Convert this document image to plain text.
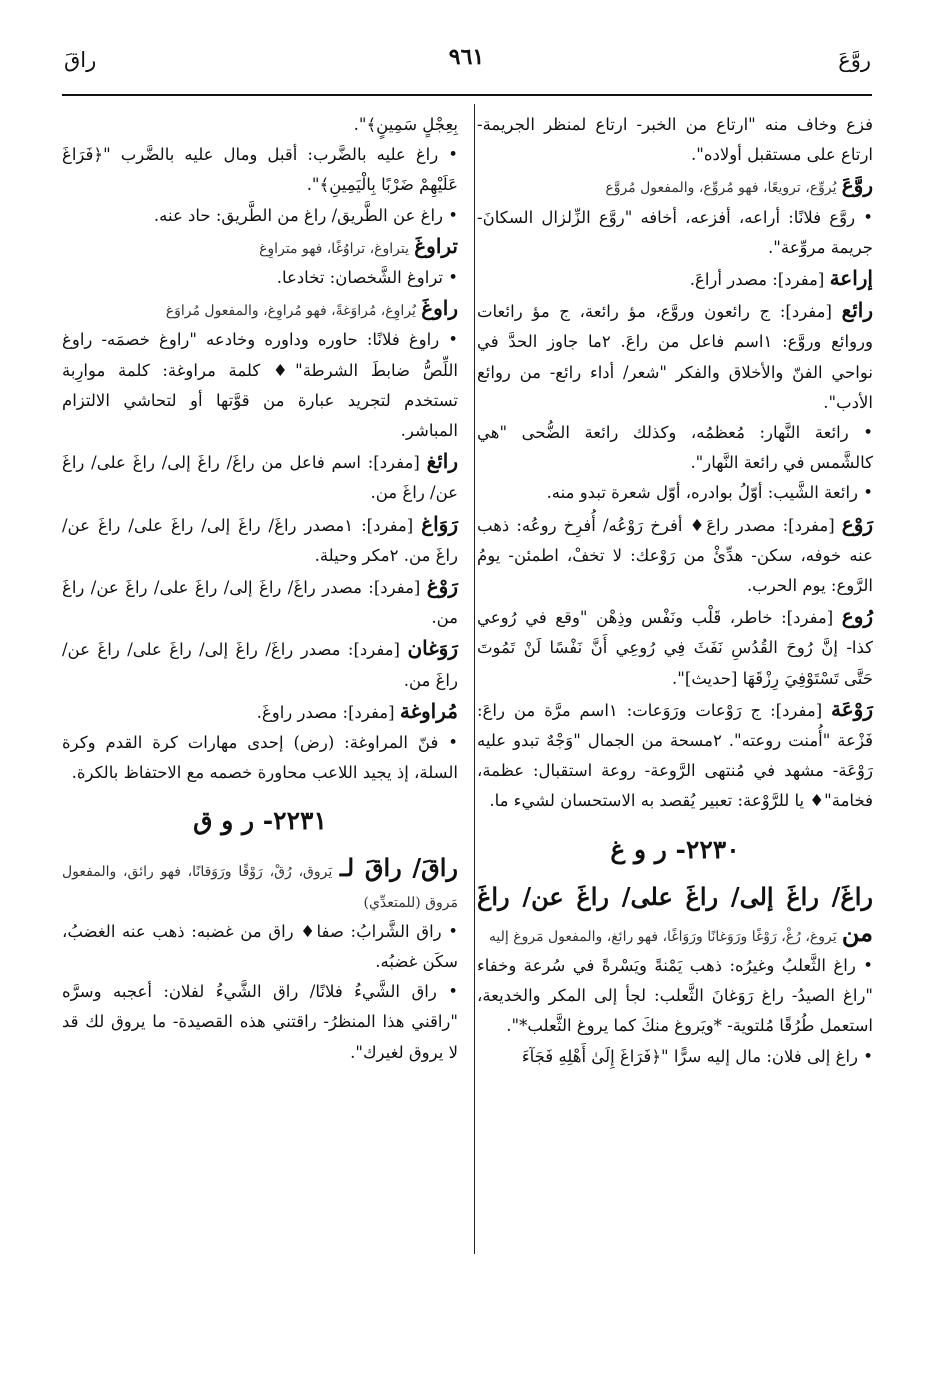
روَّعَ
٩٦١
راقَ

فزع وخاف منه "ارتاع من الخبر- ارتاع لمنظر الجريمة- ارتاع على مستقبل أولاده".

روَّعَ يُروِّع، ترويعًا، فهو مُروِّع، والمفعول مُروَّع

• روَّع فلانًا: أراعه، أفزعه، أخافه "روَّع الزِّلزال السكانَ- جريمة مروِّعة".

إراعة [مفرد]: مصدر أراعَ.

رائع [مفرد]: ج رائعون وروَّع، مؤ رائعة، ج مؤ رائعات وروائع وروَّع: ١اسم فاعل من راعَ. ٢ما جاوز الحدَّ في نواحي الفنّ والأخلاق والفكر "شعر/ أداء رائع- من روائع الأدب".

• رائعة النَّهار: مُعظمُه، وكذلك رائعة الضُّحى "هي كالشَّمس في رائعة النَّهار".

• رائعة الشَّيب: أوّلُ بوادره، أوّل شعرة تبدو منه.

رَوْع [مفرد]: مصدر راعَ♦ أفرخ رَوْعُه/ أُفرِخ روعُه: ذهب عنه خوفه، سكن- هدِّئْ من رَوْعك: لا تخفْ، اطمئن- يومُ الرَّوع: يوم الحرب.

رُوع [مفرد]: خاطر، قَلْب ونَفْس وذِهْن "وقع في رُوعي كذا- إنَّ رُوحَ القُدُسِ نَفَثَ فِي رُوعِي أَنَّ نَفْسًا لَنْ تَمُوتَ حَتَّى تَسْتَوْفِيَ رِزْقَهَا [حديث]".

رَوْعَة [مفرد]: ج رَوْعات ورَوَعات: ١اسم مرَّة من راعَ: فَزْعة "أُمنت روعته". ٢مسحة من الجمال "وَجْهٌ تبدو عليه رَوْعَة- مشهد في مُنتهى الرَّوعة- روعة استقبال: عظمة، فخامة"♦ يا للرَّوْعة: تعبير يُقصد به الاستحسان لشيء ما.

٢٢٣٠- ر و غ

راغَ/ راغَ إلى/ راغَ على/ راغَ عن/ راغَ من يَروغ، رُغْ، رَوْغًا ورَوَغانًا ورَوَاغًا، فهو رائغ، والمفعول مَروغ إليه

• راغ الثَّعلبُ وغيرُه: ذهب يَمْنةً ويَسْرةً في سُرعة وخفاء "راغ الصيدُ- راغ رَوَغانَ الثَّعلب: لجأ إلى المكر والخديعة، استعمل طُرُقًا مُلتوية- *ويَروغ منكَ كما يروغ الثَّعلب*".

• راغ إلى فلان: مال إليه سرًّا "﴿فَرَاغَ إِلَىٰ أَهْلِهِ فَجَآءَ

بِعِجْلٍ سَمِينٍ﴾".

• راغ عليه بالضَّرب: أقبل ومال عليه بالضَّرب "﴿فَرَاغَ عَلَيْهِمْ ضَرْبًا بِالْيَمِينِ﴾".

• راغ عن الطَّريق/ راغ من الطَّريق: حاد عنه.

تراوغَ يتراوغ، تراوُغًا، فهو متراوِغ

• تراوغ الشَّخصان: تخادعا.

راوغَ يُراوِغ، مُراوَغةً، فهو مُراوِغ، والمفعول مُراوَغ

• راوغ فلانًا: حاوره وداوره وخادعه "راوغ خصمَه- راوغ اللِّصُّ ضابطَ الشرطة"♦ كلمة مراوغة: كلمة موارِبة تستخدم لتجريد عبارة من قوَّتها أو لتحاشي الالتزام المباشر.

رائغ [مفرد]: اسم فاعل من راغَ/ راغَ إلى/ راغَ على/ راغَ عن/ راغَ من.

رَوَاغ [مفرد]: ١مصدر راغَ/ راغَ إلى/ راغَ على/ راغَ عن/ راغَ من. ٢مكر وحيلة.

رَوْغ [مفرد]: مصدر راغَ/ راغَ إلى/ راغَ على/ راغَ عن/ راغَ من.

رَوَغان [مفرد]: مصدر راغَ/ راغَ إلى/ راغَ على/ راغَ عن/ راغَ من.

مُراوغة [مفرد]: مصدر راوغَ.

• فنّ المراوغة: (رض) إحدى مهارات كرة القدم وكرة السلة، إذ يجيد اللاعب محاورة خصمه مع الاحتفاظ بالكرة.

٢٢٣١- ر و ق

راقَ/ راقَ لـ يَروق، رُقْ، رَوْقًا ورَوَقانًا، فهو رائق، والمفعول مَروق (للمتعدِّي)

• راق الشَّرابُ: صفا♦ راق من غضبه: ذهب عنه الغضبُ، سكَن غضبُه.

• راق الشَّيءُ فلانًا/ راق الشَّيءُ لفلان: أعجبه وسرَّه "راقني هذا المنظرُ- راقتني هذه القصيدة- ما يروق لك قد لا يروق لغيرك".
